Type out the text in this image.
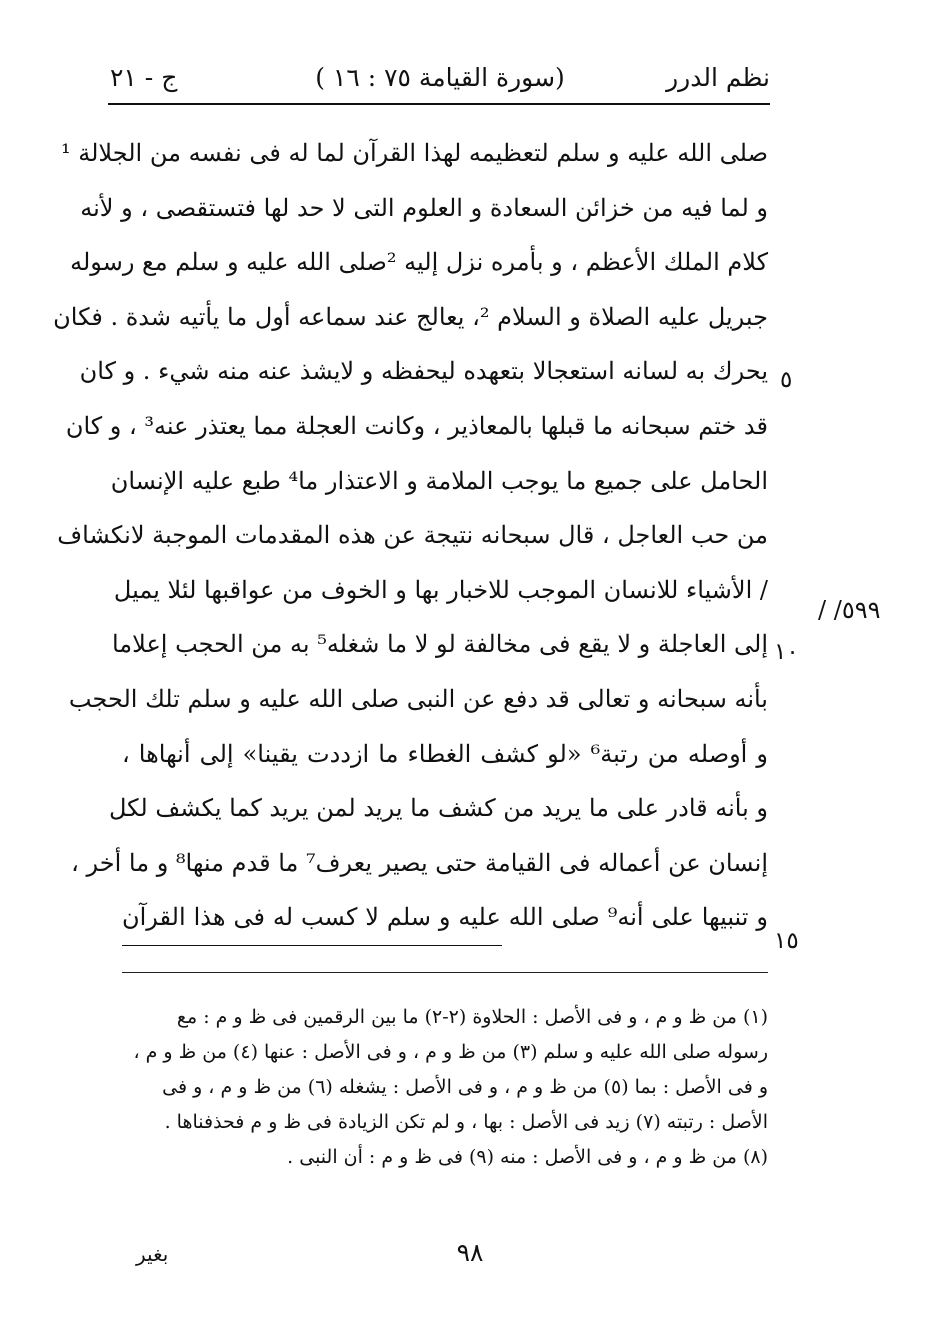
نظم الدرر
(سورة القيامة ٧٥ : ١٦ )
ج - ٢١
صلى الله عليه و سلم لتعظيمه لهذا القرآن لما له فى نفسه من الجلالة ¹
و لما فيه من خزائن السعادة و العلوم التى لا حد لها فتستقصى ، و لأنه
كلام الملك الأعظم ، و بأمره نزل إليه ²صلى الله عليه و سلم مع رسوله
جبريل عليه الصلاة و السلام ²، يعالج عند سماعه أول ما يأتيه شدة . فكان
يحرك به لسانه استعجالا بتعهده ليحفظه و لايشذ عنه منه شيء . و كان
قد ختم سبحانه ما قبلها بالمعاذير ، وكانت العجلة مما يعتذر عنه³ ، و كان
الحامل على جميع ما يوجب الملامة و الاعتذار ما⁴ طبع عليه الإنسان
من حب العاجل ، قال سبحانه نتيجة عن هذه المقدمات الموجبة لانكشاف
/ الأشياء للانسان الموجب للاخبار بها و الخوف من عواقبها لئلا يميل
إلى العاجلة و لا يقع فى مخالفة لو لا ما شغله⁵ به من الحجب إعلاما
بأنه سبحانه و تعالى قد دفع عن النبى صلى الله عليه و سلم تلك الحجب
و أوصله من رتبة⁶ «لو كشف الغطاء ما ازددت يقينا» إلى أنهاها ،
و بأنه قادر على ما يريد من كشف ما يريد لمن يريد كما يكشف لكل
إنسان عن أعماله فى القيامة حتى يصير يعرف⁷ ما قدم منها⁸ و ما أخر ،
و تنبيها على أنه⁹ صلى الله عليه و سلم لا كسب له فى هذا القرآن
٥
١٠
١٥
٥٩٩/ /
(١) من ظ و م ، و فى الأصل : الحلاوة (٢-٢) ما بين الرقمين فى ظ و م : مع
رسوله صلى الله عليه و سلم (٣) من ظ و م ، و فى الأصل : عنها (٤) من ظ و م ،
و فى الأصل : بما (٥) من ظ و م ، و فى الأصل : يشغله (٦) من ظ و م ، و فى
الأصل : رتبته (٧) زيد فى الأصل : بها ، و لم تكن الزيادة فى ظ و م فحذفناها .
(٨) من ظ و م ، و فى الأصل : منه (٩) فى ظ و م : أن النبى .
٩٨
بغير
